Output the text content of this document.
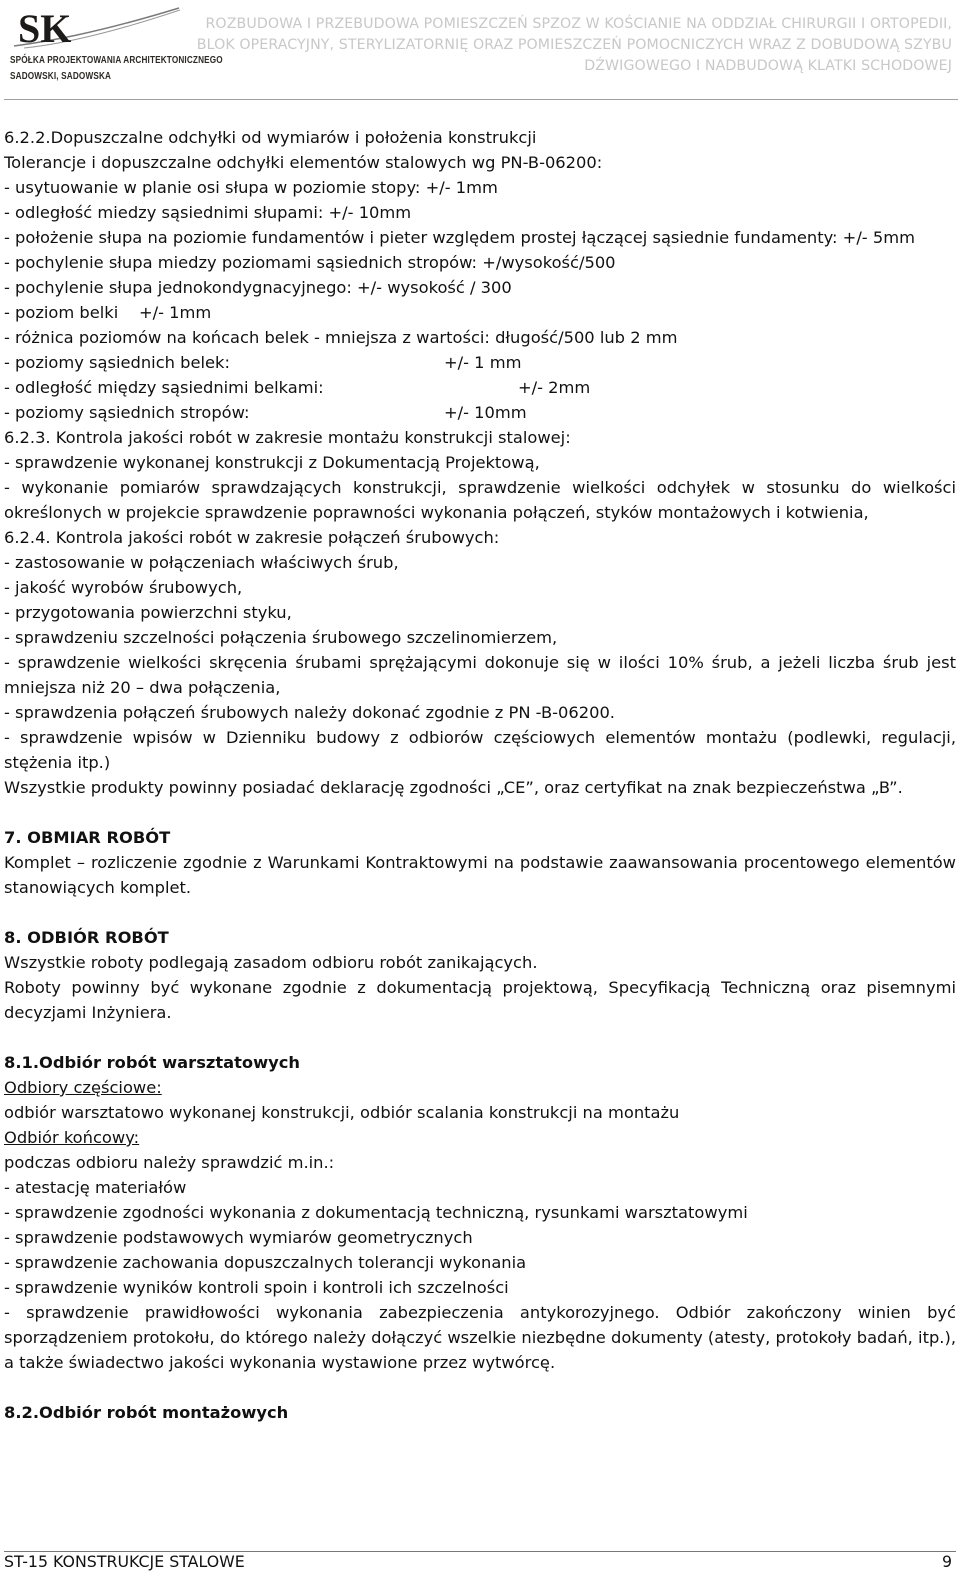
SK
SPÓŁKA PROJEKTOWANIA ARCHITEKTONICZNEGO
SADOWSKI, SADOWSKA
ROZBUDOWA I PRZEBUDOWA POMIESZCZEŃ SPZOZ W KOŚCIANIE NA ODDZIAŁ CHIRURGII I ORTOPEDII, BLOK OPERACYJNY, STERYLIZATORNIĘ ORAZ POMIESZCZEŃ POMOCNICZYCH WRAZ Z DOBUDOWĄ SZYBU DŹWIGOWEGO I NADBUDOWĄ KLATKI SCHODOWEJ

6.2.2.Dopuszczalne odchyłki od wymiarów i położenia konstrukcji

Tolerancje i dopuszczalne odchyłki elementów stalowych wg PN-B-06200:

- usytuowanie w planie osi słupa w poziomie stopy: +/- 1mm

- odległość miedzy sąsiednimi słupami: +/- 10mm

- położenie słupa na poziomie fundamentów i pieter względem prostej łączącej sąsiednie fundamenty: +/- 5mm

- pochylenie słupa miedzy poziomami sąsiednich stropów: +/wysokość/500

- pochylenie słupa jednokondygnacyjnego: +/- wysokość / 300

- poziom belki    +/- 1mm

- różnica poziomów na końcach belek - mniejsza z wartości: długość/500 lub 2 mm

- poziomy sąsiednich belek:	+/- 1 mm

- odległość między sąsiednimi belkami:	+/- 2mm

- poziomy sąsiednich stropów:	+/- 10mm

6.2.3. Kontrola jakości robót w zakresie montażu konstrukcji stalowej:

- sprawdzenie wykonanej konstrukcji z Dokumentacją Projektową,

- wykonanie pomiarów sprawdzających konstrukcji, sprawdzenie wielkości odchyłek w stosunku do wielkości określonych w projekcie sprawdzenie poprawności wykonania połączeń, styków montażowych i kotwienia,

6.2.4. Kontrola jakości robót w zakresie połączeń śrubowych:

- zastosowanie w połączeniach właściwych śrub,

- jakość wyrobów śrubowych,

- przygotowania powierzchni styku,

- sprawdzeniu szczelności połączenia śrubowego szczelinomierzem,

- sprawdzenie wielkości skręcenia śrubami sprężającymi dokonuje się w ilości 10% śrub, a jeżeli liczba śrub jest mniejsza niż 20 – dwa połączenia,

- sprawdzenia połączeń śrubowych należy dokonać zgodnie z PN -B-06200.

- sprawdzenie wpisów w Dzienniku budowy z odbiorów częściowych elementów montażu (podlewki, regulacji, stężenia itp.)

Wszystkie produkty powinny posiadać deklarację zgodności „CE”, oraz certyfikat na znak bezpieczeństwa „B”.

7. OBMIAR ROBÓT

Komplet – rozliczenie zgodnie z Warunkami Kontraktowymi na podstawie zaawansowania procentowego elementów stanowiących komplet.

8. ODBIÓR ROBÓT

Wszystkie roboty podlegają zasadom odbioru robót zanikających.

Roboty powinny być wykonane zgodnie z dokumentacją projektową, Specyfikacją Techniczną oraz pisemnymi decyzjami Inżyniera.

8.1.Odbiór robót warsztatowych

Odbiory częściowe:

odbiór warsztatowo wykonanej konstrukcji, odbiór scalania konstrukcji na montażu

Odbiór końcowy:

podczas odbioru należy sprawdzić m.in.:

- atestację materiałów

- sprawdzenie zgodności wykonania z dokumentacją techniczną, rysunkami warsztatowymi

- sprawdzenie podstawowych wymiarów geometrycznych

- sprawdzenie zachowania dopuszczalnych tolerancji wykonania

- sprawdzenie wyników kontroli spoin i kontroli ich szczelności

- sprawdzenie prawidłowości wykonania zabezpieczenia antykorozyjnego. Odbiór zakończony winien być sporządzeniem protokołu, do którego należy dołączyć wszelkie niezbędne dokumenty (atesty, protokoły badań, itp.), a także świadectwo jakości wykonania wystawione przez wytwórcę.

8.2.Odbiór robót montażowych

ST-15 KONSTRUKCJE STALOWE	9
